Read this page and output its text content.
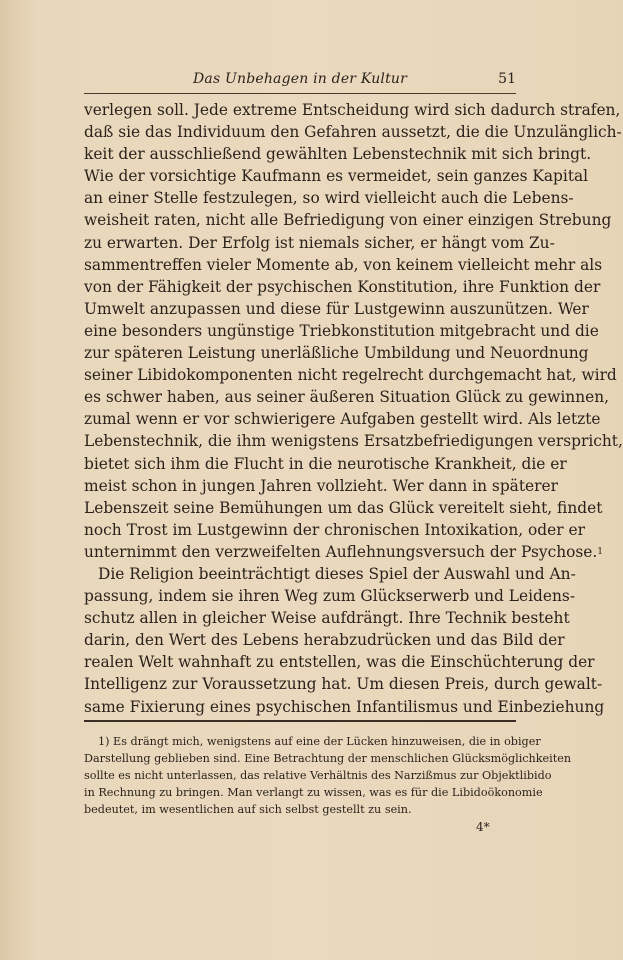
Das Unbehagen in der Kultur	51
verlegen soll. Jede extreme Entscheidung wird sich dadurch strafen,
daß sie das Individuum den Gefahren aussetzt, die die Unzulänglich-
keit der ausschließend gewählten Lebenstechnik mit sich bringt.
Wie der vorsichtige Kaufmann es vermeidet, sein ganzes Kapital
an einer Stelle festzulegen, so wird vielleicht auch die Lebens-
weisheit raten, nicht alle Befriedigung von einer einzigen Strebung
zu erwarten. Der Erfolg ist niemals sicher, er hängt vom Zu-
sammentreffen vieler Momente ab, von keinem vielleicht mehr als
von der Fähigkeit der psychischen Konstitution, ihre Funktion der
Umwelt anzupassen und diese für Lustgewinn auszunützen. Wer
eine besonders ungünstige Triebkonstitution mitgebracht und die
zur späteren Leistung unerläßliche Umbildung und Neuordnung
seiner Libidokomponenten nicht regelrecht durchgemacht hat, wird
es schwer haben, aus seiner äußeren Situation Glück zu gewinnen,
zumal wenn er vor schwierigere Aufgaben gestellt wird. Als letzte
Lebenstechnik, die ihm wenigstens Ersatzbefriedigungen verspricht,
bietet sich ihm die Flucht in die neurotische Krankheit, die er
meist schon in jungen Jahren vollzieht. Wer dann in späterer
Lebenszeit seine Bemühungen um das Glück vereitelt sieht, findet
noch Trost im Lustgewinn der chronischen Intoxikation, oder er
unternimmt den verzweifelten Auflehnungsversuch der Psychose.$^1$
Die Religion beeinträchtigt dieses Spiel der Auswahl und An-
passung, indem sie ihren Weg zum Glückserwerb und Leidens-
schutz allen in gleicher Weise aufdrängt. Ihre Technik besteht
darin, den Wert des Lebens herabzudrücken und das Bild der
realen Welt wahnhaft zu entstellen, was die Einschüchterung der
Intelligenz zur Voraussetzung hat. Um diesen Preis, durch gewalt-
same Fixierung eines psychischen Infantilismus und Einbeziehung
1) Es drängt mich, wenigstens auf eine der Lücken hinzuweisen, die in obiger
Darstellung geblieben sind. Eine Betrachtung der menschlichen Glücksmöglichkeiten
sollte es nicht unterlassen, das relative Verhältnis des Narzißmus zur Objektlibido
in Rechnung zu bringen. Man verlangt zu wissen, was es für die Libidoökonomie
bedeutet, im wesentlichen auf sich selbst gestellt zu sein.
4*
